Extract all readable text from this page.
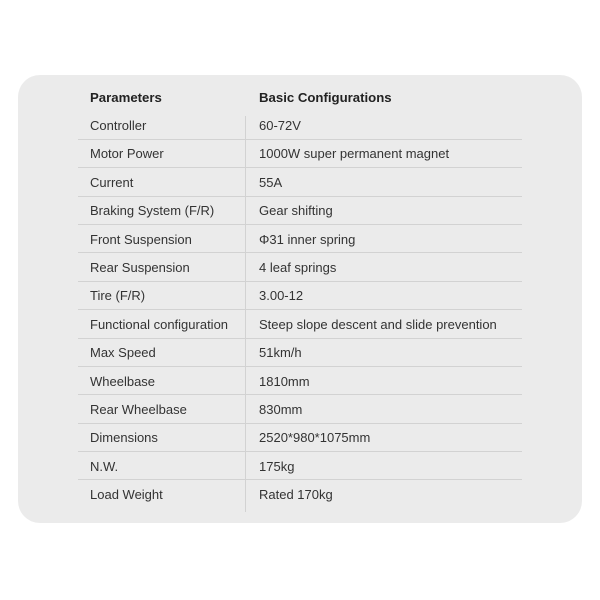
Parameters	Basic Configurations
Controller	60-72V
Motor Power	1000W super permanent magnet
Current	55A
Braking System (F/R)	Gear shifting
Front Suspension	Φ31 inner spring
Rear Suspension	4 leaf springs
Tire (F/R)	3.00-12
Functional configuration	Steep slope descent and slide prevention
Max Speed	51km/h
Wheelbase	1810mm
Rear Wheelbase	830mm
Dimensions	2520*980*1075mm
N.W.	175kg
Load Weight	Rated 170kg
